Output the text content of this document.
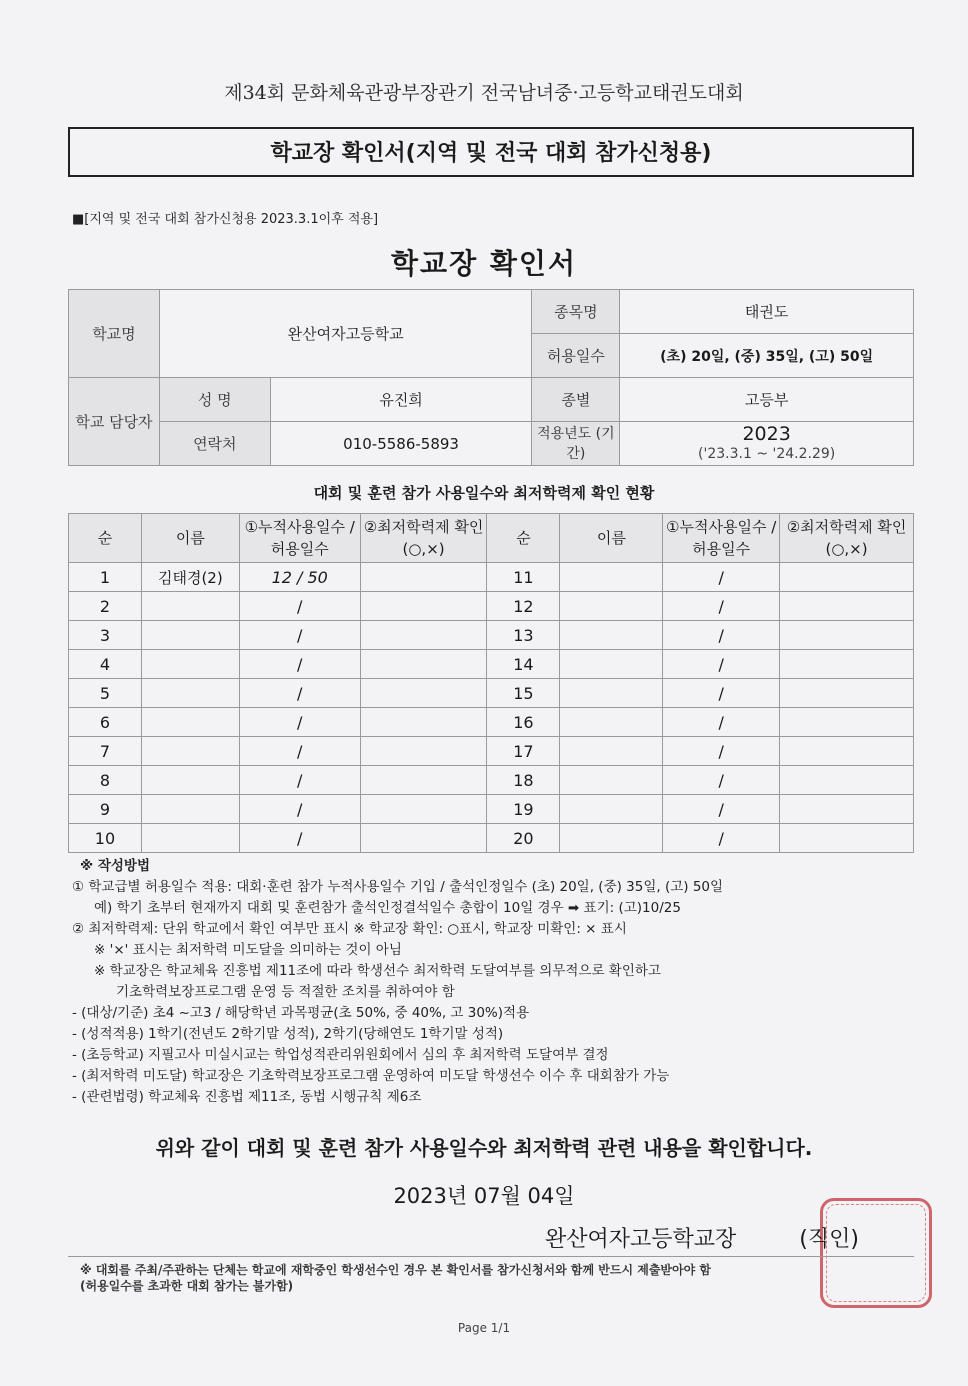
제34회 문화체육관광부장관기 전국남녀중·고등학교태권도대회
학교장 확인서(지역 및 전국 대회 참가신청용)
■[지역 및 전국 대회 참가신청용 2023.3.1이후 적용]
학교장 확인서
학교명	완산여자고등학교		종목명	태권도
			허용일수	(초) 20일, (중) 35일, (고) 50일
학교 담당자	성 명	유진희	종별	고등부
	연락처	010-5586-5893	적용년도 (기간)	2023
('23.3.1 ~ '24.2.29)
대회 및 훈련 참가 사용일수와 최저학력제 확인 현황
순	이름	①누적사용일수 /허용일수	②최저학력제 확인(○,×)	순	이름	①누적사용일수 /허용일수	②최저학력제 확인(○,×)
1	김태경(2)	12 / 50		11		/	
2		/		12		/	
3		/		13		/	
4		/		14		/	
5		/		15		/	
6		/		16		/	
7		/		17		/	
8		/		18		/	
9		/		19		/	
10		/		20		/	
※ 작성방법
① 학교급별 허용일수 적용: 대회·훈련 참가 누적사용일수 기입 / 출석인정일수 (초) 20일, (중) 35일, (고) 50일
예) 학기 초부터 현재까지 대회 및 훈련참가 출석인정결석일수 총합이 10일 경우 ➡ 표기: (고)10/25
② 최저학력제: 단위 학교에서 확인 여부만 표시 ※ 학교장 확인: ○표시, 학교장 미확인: × 표시
※ '×' 표시는 최저학력 미도달을 의미하는 것이 아님
※ 학교장은 학교체육 진흥법 제11조에 따라 학생선수 최저학력 도달여부를 의무적으로 확인하고
기초학력보장프로그램 운영 등 적절한 조치를 취하여야 함
- (대상/기준) 초4 ~고3 / 해당학년 과목평균(초 50%, 중 40%, 고 30%)적용
- (성적적용) 1학기(전년도 2학기말 성적), 2학기(당해연도 1학기말 성적)
- (초등학교) 지필고사 미실시교는 학업성적관리위원회에서 심의 후 최저학력 도달여부 결정
- (최저학력 미도달) 학교장은 기초학력보장프로그램 운영하여 미도달 학생선수 이수 후 대회참가 가능
- (관련법령) 학교체육 진흥법 제11조, 동법 시행규칙 제6조
위와 같이 대회 및 훈련 참가 사용일수와 최저학력 관련 내용을 확인합니다.
2023년 07월 04일
완산여자고등학교장	(직인)
※ 대회를 주최/주관하는 단체는 학교에 재학중인 학생선수인 경우 본 확인서를 참가신청서와 함께 반드시 제출받아야 함
(허용일수를 초과한 대회 참가는 불가함)
Page 1/1
